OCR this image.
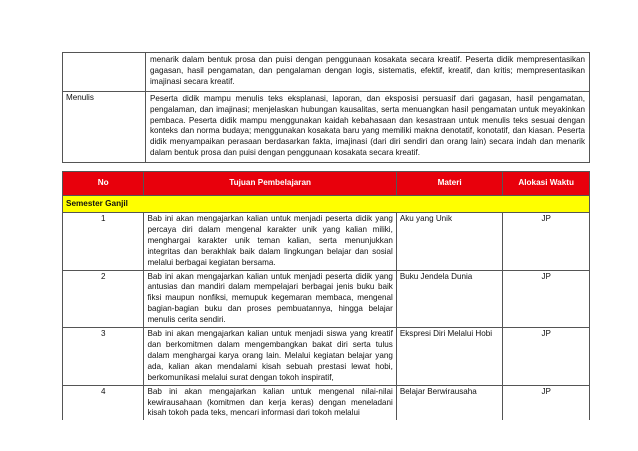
	menarik dalam bentuk prosa dan puisi dengan penggunaan kosakata secara kreatif. Peserta didik mempresentasikan gagasan, hasil pengamatan, dan pengalaman dengan logis, sistematis, efektif, kreatif, dan kritis; mempresentasikan imajinasi secara kreatif.
Menulis	Peserta didik mampu menulis teks eksplanasi, laporan, dan eksposisi persuasif dari gagasan, hasil pengamatan, pengalaman, dan imajinasi; menjelaskan hubungan kausalitas, serta menuangkan hasil pengamatan untuk meyakinkan pembaca. Peserta didik mampu menggunakan kaidah kebahasaan dan kesastraan untuk menulis teks sesuai dengan konteks dan norma budaya; menggunakan kosakata baru yang memiliki makna denotatif, konotatif, dan kiasan. Peserta didik menyampaikan perasaan berdasarkan fakta, imajinasi (dari diri sendiri dan orang lain) secara indah dan menarik dalam bentuk prosa dan puisi dengan penggunaan kosakata secara kreatif.
No	Tujuan Pembelajaran	Materi	Alokasi Waktu
Semester Ganjil			
1	Bab ini akan mengajarkan kalian untuk menjadi peserta didik yang percaya diri dalam mengenal karakter unik yang kalian miliki, menghargai karakter unik teman kalian, serta menunjukkan integritas dan berakhlak baik dalam lingkungan belajar dan sosial melalui berbagai kegiatan bersama.	Aku yang Unik	JP
2	Bab ini akan mengajarkan kalian untuk menjadi peserta didik yang antusias dan mandiri dalam mempelajari berbagai jenis buku baik fiksi maupun nonfiksi, memupuk kegemaran membaca, mengenal bagian-bagian buku dan proses pembuatannya, hingga belajar menulis cerita sendiri.	Buku Jendela Dunia	JP
3	Bab ini akan mengajarkan kalian untuk menjadi siswa yang kreatif dan berkomitmen dalam mengembangkan bakat diri serta tulus dalam menghargai karya orang lain. Melalui kegiatan belajar yang ada, kalian akan mendalami kisah sebuah prestasi lewat hobi, berkomunikasi melalui surat dengan tokoh inspiratif,	Ekspresi Diri Melalui Hobi	JP
4	Bab ini akan mengajarkan kalian untuk mengenal nilai-nilai kewirausahaan (komitmen dan kerja keras) dengan meneladani kisah tokoh pada teks, mencari informasi dari tokoh melalui	Belajar Berwirausaha	JP
